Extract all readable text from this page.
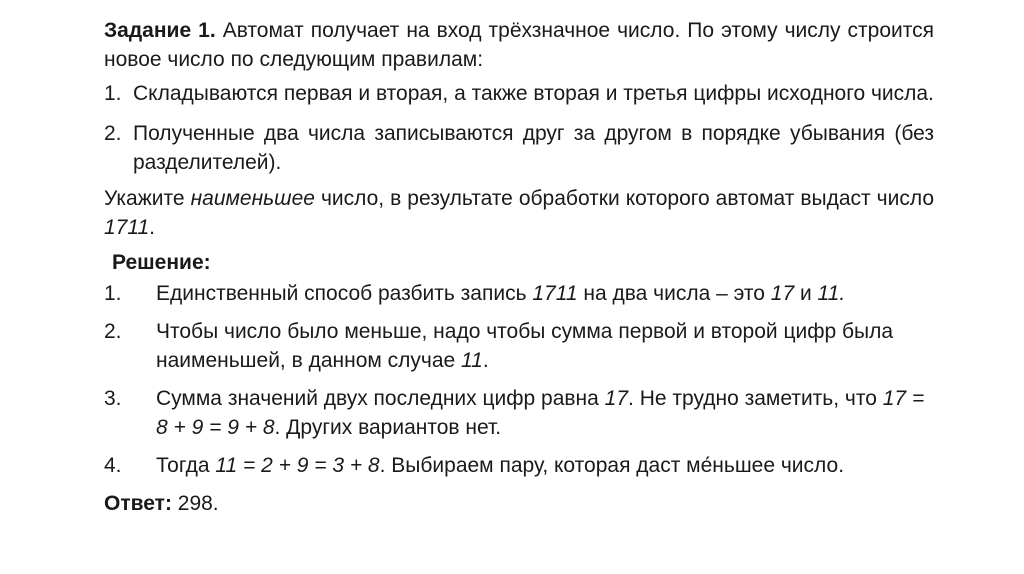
Задание 1. Автомат получает на вход трёхзначное число. По этому числу строится новое число по следующим правилам:

1. Складываются первая и вторая, а также вторая и третья цифры исходного числа.
2. Полученные два числа записываются друг за другом в порядке убывания (без разделителей).

Укажите наименьшее число, в результате обработки которого автомат выдаст число 1711.

Решение:

1. Единственный способ разбить запись 1711 на два числа – это 17 и 11.
2. Чтобы число было меньше, надо чтобы сумма первой и второй цифр была наименьшей, в данном случае 11.
3. Сумма значений двух последних цифр равна 17. Не трудно заметить, что 17 = 8 + 9 = 9 + 8. Других вариантов нет.
4. Тогда 11 = 2 + 9 = 3 + 8. Выбираем пару, которая даст ме́ньшее число.

Ответ: 298.
